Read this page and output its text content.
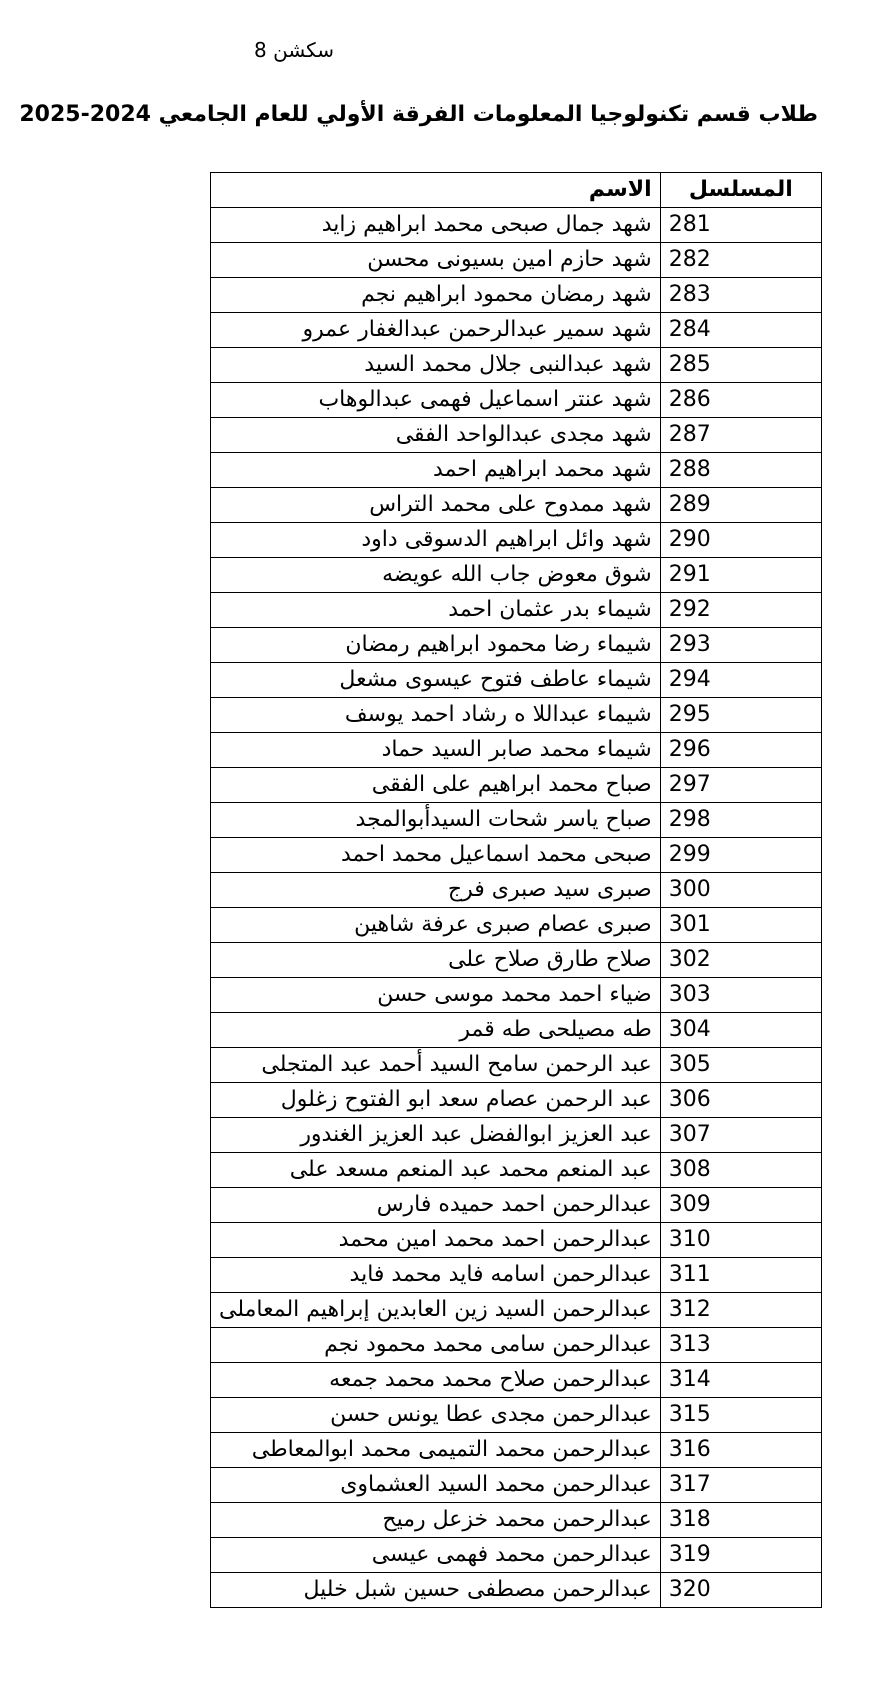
سكشن 8
طلاب قسم تكنولوجيا المعلومات الفرقة الأولي للعام الجامعي 2024-2025
المسلسل	الاسم
281	شهد جمال صبحى محمد ابراهيم زايد
282	شهد حازم امين بسيونى محسن
283	شهد رمضان محمود ابراهيم نجم
284	شهد سمير عبدالرحمن عبدالغفار عمرو
285	شهد عبدالنبى جلال محمد السيد
286	شهد عنتر اسماعيل فهمى عبدالوهاب
287	شهد مجدى عبدالواحد الفقى
288	شهد محمد ابراهيم احمد
289	شهد ممدوح على محمد التراس
290	شهد وائل ابراهيم الدسوقى داود
291	شوق معوض جاب الله عويضه
292	شيماء بدر عثمان احمد
293	شيماء رضا محمود ابراهيم رمضان
294	شيماء عاطف فتوح عيسوى مشعل
295	شيماء عبداللا ه رشاد احمد يوسف
296	شيماء محمد صابر السيد حماد
297	صباح محمد ابراهيم على الفقى
298	صباح ياسر شحات السيدأبوالمجد
299	صبحى محمد اسماعيل محمد احمد
300	صبرى سيد صبرى فرج
301	صبرى عصام صبرى عرفة شاهين
302	صلاح طارق صلاح على
303	ضياء احمد محمد موسى حسن
304	طه مصيلحى طه قمر
305	عبد الرحمن سامح السيد أحمد عبد المتجلى
306	عبد الرحمن عصام سعد ابو الفتوح زغلول
307	عبد العزيز ابوالفضل عبد العزيز الغندور
308	عبد المنعم محمد عبد المنعم مسعد على
309	عبدالرحمن احمد حميده فارس
310	عبدالرحمن احمد محمد امين محمد
311	عبدالرحمن اسامه فايد محمد فايد
312	عبدالرحمن السيد زين العابدين إبراهيم المعاملى
313	عبدالرحمن سامى محمد محمود نجم
314	عبدالرحمن صلاح محمد محمد جمعه
315	عبدالرحمن مجدى عطا يونس حسن
316	عبدالرحمن محمد التميمى محمد ابوالمعاطى
317	عبدالرحمن محمد السيد العشماوى
318	عبدالرحمن محمد خزعل رميح
319	عبدالرحمن محمد فهمى عيسى
320	عبدالرحمن مصطفى حسين شبل خليل
